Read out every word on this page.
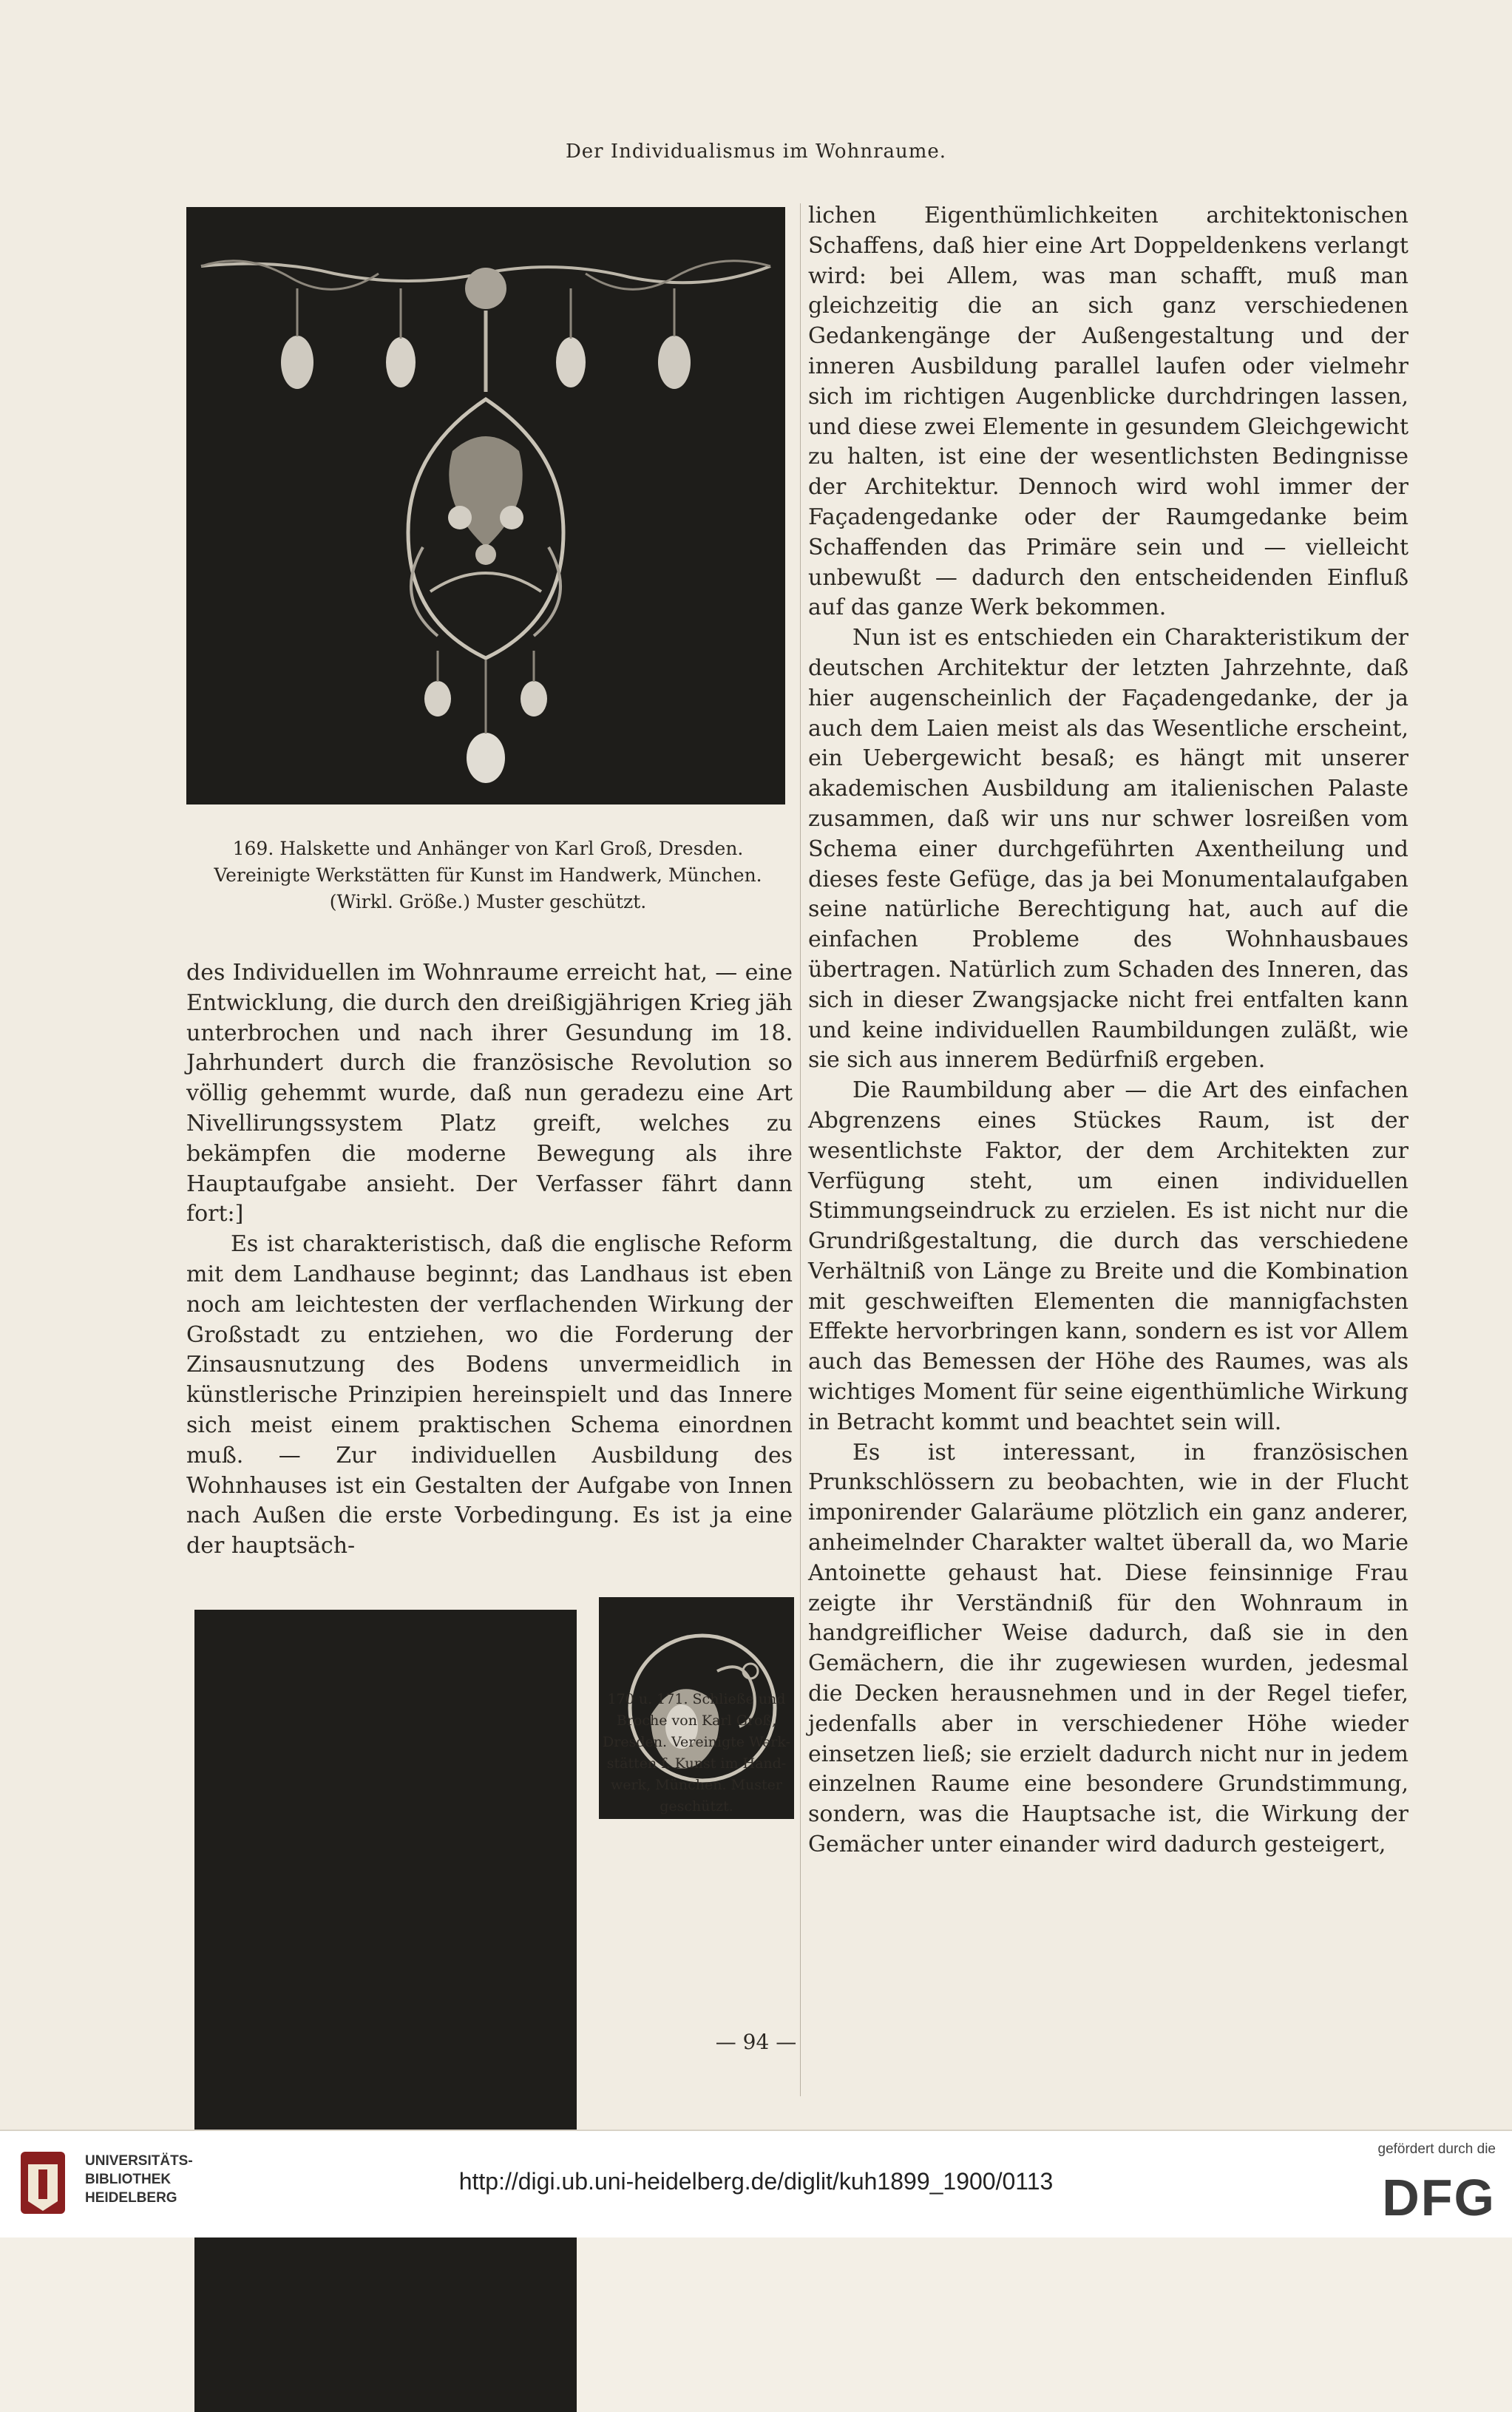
Der Individualismus im Wohnraume.
169. Halskette und Anhänger von Karl Groß, Dresden.
Vereinigte Werkstätten für Kunst im Handwerk, München.
(Wirkl. Größe.) Muster geschützt.

des Individuellen im Wohnraume erreicht hat, — eine Entwicklung, die durch den dreißigjährigen Krieg jäh unterbrochen und nach ihrer Gesundung im 18. Jahrhundert durch die französische Revolution so völlig gehemmt wurde, daß nun geradezu eine Art Nivellirungssystem Platz greift, welches zu bekämpfen die moderne Bewegung als ihre Hauptaufgabe ansieht. Der Verfasser fährt dann fort:]

Es ist charakteristisch, daß die englische Reform mit dem Landhause beginnt; das Landhaus ist eben noch am leichtesten der verflachenden Wirkung der Großstadt zu entziehen, wo die Forderung der Zinsausnutzung des Bodens unvermeidlich in künstlerische Prinzipien hereinspielt und das Innere sich meist einem praktischen Schema einordnen muß. — Zur individuellen Ausbildung des Wohnhauses ist ein Gestalten der Aufgabe von Innen nach Außen die erste Vorbedingung. Es ist ja eine der hauptsäch-

lichen Eigenthümlichkeiten architektonischen Schaffens, daß hier eine Art Doppeldenkens verlangt wird: bei Allem, was man schafft, muß man gleichzeitig die an sich ganz verschiedenen Gedankengänge der Außengestaltung und der inneren Ausbildung parallel laufen oder vielmehr sich im richtigen Augenblicke durchdringen lassen, und diese zwei Elemente in gesundem Gleichgewicht zu halten, ist eine der wesentlichsten Bedingnisse der Architektur. Dennoch wird wohl immer der Façadengedanke oder der Raumgedanke beim Schaffenden das Primäre sein und — vielleicht unbewußt — dadurch den entscheidenden Einfluß auf das ganze Werk bekommen.

Nun ist es entschieden ein Charakteristikum der deutschen Architektur der letzten Jahrzehnte, daß hier augenscheinlich der Façadengedanke, der ja auch dem Laien meist als das Wesentliche erscheint, ein Uebergewicht besaß; es hängt mit unserer akademischen Ausbildung am italienischen Palaste zusammen, daß wir uns nur schwer losreißen vom Schema einer durchgeführten Axentheilung und dieses feste Gefüge, das ja bei Monumentalaufgaben seine natürliche Berechtigung hat, auch auf die einfachen Probleme des Wohnhausbaues übertragen. Natürlich zum Schaden des Inneren, das sich in dieser Zwangsjacke nicht frei entfalten kann und keine individuellen Raumbildungen zuläßt, wie sie sich aus innerem Bedürfniß ergeben.

Die Raumbildung aber — die Art des einfachen Abgrenzens eines Stückes Raum, ist der wesentlichste Faktor, der dem Architekten zur Verfügung steht, um einen individuellen Stimmungseindruck zu erzielen. Es ist nicht nur die Grundrißgestaltung, die durch das verschiedene Verhältniß von Länge zu Breite und die Kombination mit geschweiften Elementen die mannigfachsten Effekte hervorbringen kann, sondern es ist vor Allem auch das Bemessen der Höhe des Raumes, was als wichtiges Moment für seine eigenthümliche Wirkung in Betracht kommt und beachtet sein will.

Es ist interessant, in französischen Prunkschlössern zu beobachten, wie in der Flucht imponirender Galaräume plötzlich ein ganz anderer, anheimelnder Charakter waltet überall da, wo Marie Antoinette gehaust hat. Diese feinsinnige Frau zeigte ihr Verständniß für den Wohnraum in handgreiflicher Weise dadurch, daß sie in den Gemächern, die ihr zugewiesen wurden, jedesmal die Decken herausnehmen und in der Regel tiefer, jedenfalls aber in verschiedener Höhe wieder einsetzen ließ; sie erzielt dadurch nicht nur in jedem einzelnen Raume eine besondere Grundstimmung, sondern, was die Hauptsache ist, die Wirkung der Gemächer unter einander wird dadurch gesteigert,

170 u. 171. Schließe und
Broche von Karl Groß,
Dresden. Vereinigte Werk-
stätten f. Kunst im Hand-
werk, München. Muster
geschützt.
— 94 —
UNIVERSITÄTS-
BIBLIOTHEK
HEIDELBERG
http://digi.ub.uni-heidelberg.de/diglit/kuh1899_1900/0113
gefördert durch die
DFG
